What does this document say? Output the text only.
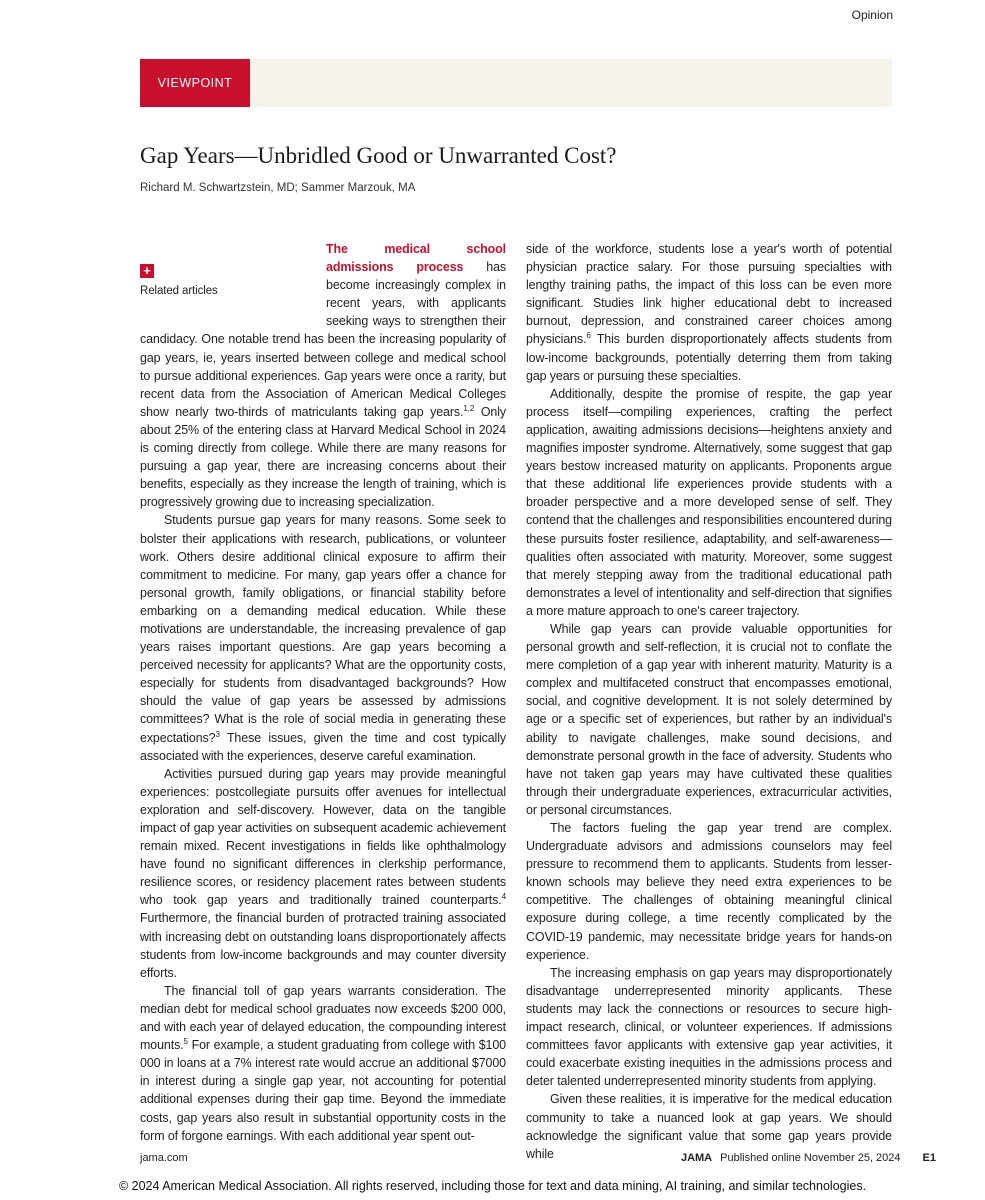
Opinion
VIEWPOINT
Gap Years—Unbridled Good or Unwarranted Cost?
Richard M. Schwartzstein, MD; Sammer Marzouk, MA

+
Related articles
The medical school admissions process has become increasingly complex in recent years, with applicants seeking ways to strengthen their candidacy. One notable trend has been the increasing popularity of gap years, ie, years inserted between college and medical school to pursue additional experiences. Gap years were once a rarity, but recent data from the Association of American Medical Colleges show nearly two-thirds of matriculants taking gap years.$^{1,2}$ Only about 25% of the entering class at Harvard Medical School in 2024 is coming directly from college. While there are many reasons for pursuing a gap year, there are increasing concerns about their benefits, especially as they increase the length of training, which is progressively growing due to increasing specialization.

Students pursue gap years for many reasons. Some seek to bolster their applications with research, publications, or volunteer work. Others desire additional clinical exposure to affirm their commitment to medicine. For many, gap years offer a chance for personal growth, family obligations, or financial stability before embarking on a demanding medical education. While these motivations are understandable, the increasing prevalence of gap years raises important questions. Are gap years becoming a perceived necessity for applicants? What are the opportunity costs, especially for students from disadvantaged backgrounds? How should the value of gap years be assessed by admissions committees? What is the role of social media in generating these expectations?$^3$ These issues, given the time and cost typically associated with the experiences, deserve careful examination.

Activities pursued during gap years may provide meaningful experiences: postcollegiate pursuits offer avenues for intellectual exploration and self-discovery. However, data on the tangible impact of gap year activities on subsequent academic achievement remain mixed. Recent investigations in fields like ophthalmology have found no significant differences in clerkship performance, resilience scores, or residency placement rates between students who took gap years and traditionally trained counterparts.$^4$ Furthermore, the financial burden of protracted training associated with increasing debt on outstanding loans disproportionately affects students from low-income backgrounds and may counter diversity efforts.

The financial toll of gap years warrants consideration. The median debt for medical school graduates now exceeds $200 000, and with each year of delayed education, the compounding interest mounts.$^5$ For example, a student graduating from college with $100 000 in loans at a 7% interest rate would accrue an additional $7000 in interest during a single gap year, not accounting for potential additional expenses during their gap time. Beyond the immediate costs, gap years also result in substantial opportunity costs in the form of forgone earnings. With each additional year spent out-

side of the workforce, students lose a year's worth of potential physician practice salary. For those pursuing specialties with lengthy training paths, the impact of this loss can be even more significant. Studies link higher educational debt to increased burnout, depression, and constrained career choices among physicians.$^6$ This burden disproportionately affects students from low-income backgrounds, potentially deterring them from taking gap years or pursuing these specialties.

Additionally, despite the promise of respite, the gap year process itself—compiling experiences, crafting the perfect application, awaiting admissions decisions—heightens anxiety and magnifies imposter syndrome. Alternatively, some suggest that gap years bestow increased maturity on applicants. Proponents argue that these additional life experiences provide students with a broader perspective and a more developed sense of self. They contend that the challenges and responsibilities encountered during these pursuits foster resilience, adaptability, and self-awareness—qualities often associated with maturity. Moreover, some suggest that merely stepping away from the traditional educational path demonstrates a level of intentionality and self-direction that signifies a more mature approach to one's career trajectory.

While gap years can provide valuable opportunities for personal growth and self-reflection, it is crucial not to conflate the mere completion of a gap year with inherent maturity. Maturity is a complex and multifaceted construct that encompasses emotional, social, and cognitive development. It is not solely determined by age or a specific set of experiences, but rather by an individual's ability to navigate challenges, make sound decisions, and demonstrate personal growth in the face of adversity. Students who have not taken gap years may have cultivated these qualities through their undergraduate experiences, extracurricular activities, or personal circumstances.

The factors fueling the gap year trend are complex. Undergraduate advisors and admissions counselors may feel pressure to recommend them to applicants. Students from lesser-known schools may believe they need extra experiences to be competitive. The challenges of obtaining meaningful clinical exposure during college, a time recently complicated by the COVID-19 pandemic, may necessitate bridge years for hands-on experience.

The increasing emphasis on gap years may disproportionately disadvantage underrepresented minority applicants. These students may lack the connections or resources to secure high-impact research, clinical, or volunteer experiences. If admissions committees favor applicants with extensive gap year activities, it could exacerbate existing inequities in the admissions process and deter talented underrepresented minority students from applying.

Given these realities, it is imperative for the medical education community to take a nuanced look at gap years. We should acknowledge the significant value that some gap years provide while

jama.com	JAMA Published online November 25, 2024 E1
© 2024 American Medical Association. All rights reserved, including those for text and data mining, AI training, and similar technologies.
